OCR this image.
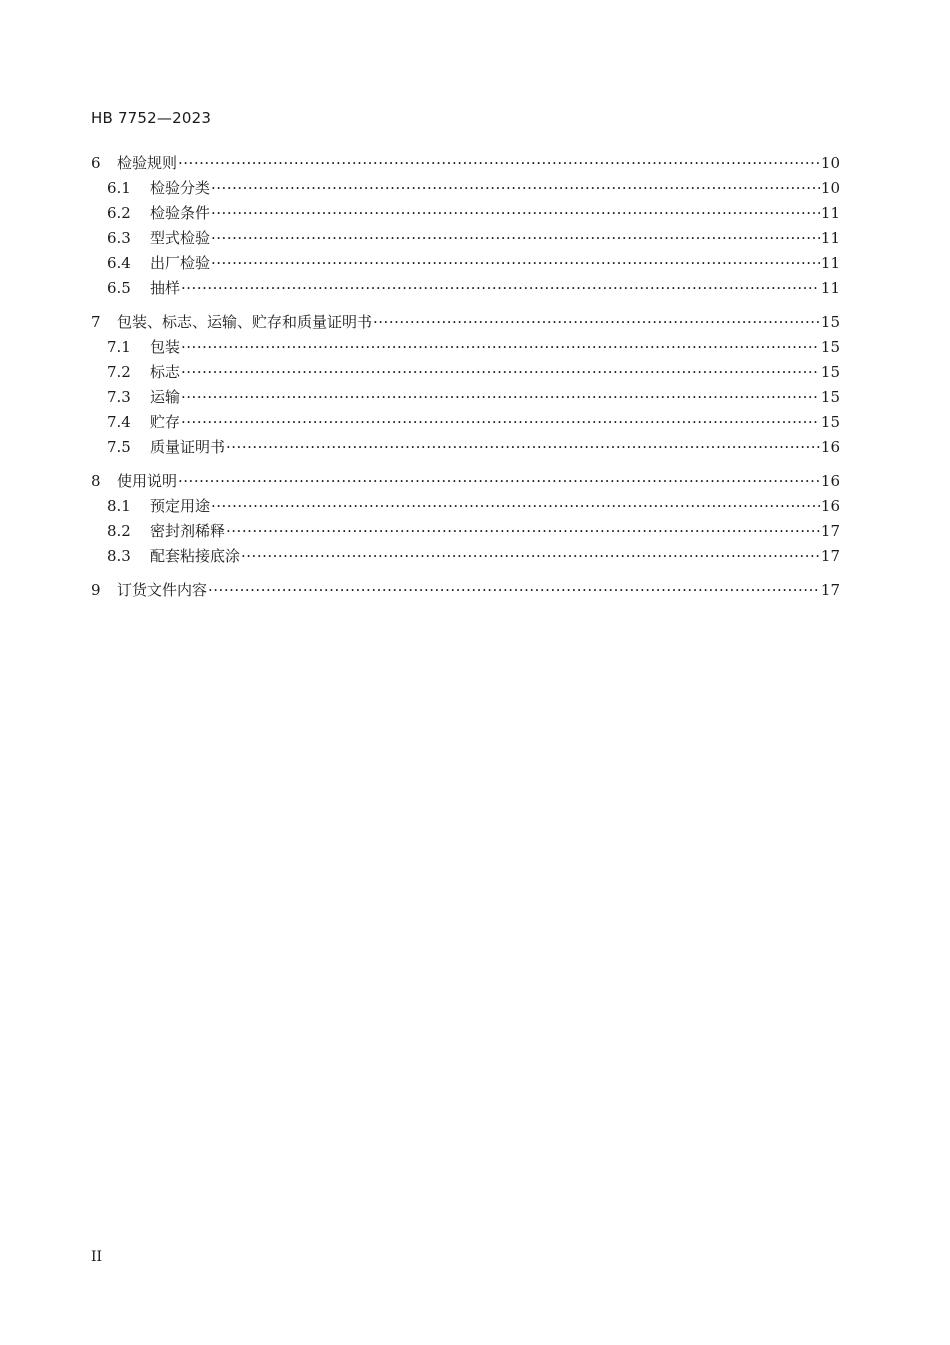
HB 7752—2023
6	检验规则 ·····	10
6.1	检验分类 ·····	10
6.2	检验条件 ·····	11
6.3	型式检验 ·····	11
6.4	出厂检验 ·····	11
6.5	抽样 ·····	11
7	包装、标志、运输、贮存和质量证明书 ·····	15
7.1	包装 ·····	15
7.2	标志 ·····	15
7.3	运输 ·····	15
7.4	贮存 ·····	15
7.5	质量证明书 ·····	16
8	使用说明 ·····	16
8.1	预定用途 ·····	16
8.2	密封剂稀释 ·····	17
8.3	配套粘接底涂 ·····	17
9	订货文件内容 ·····	17
II
